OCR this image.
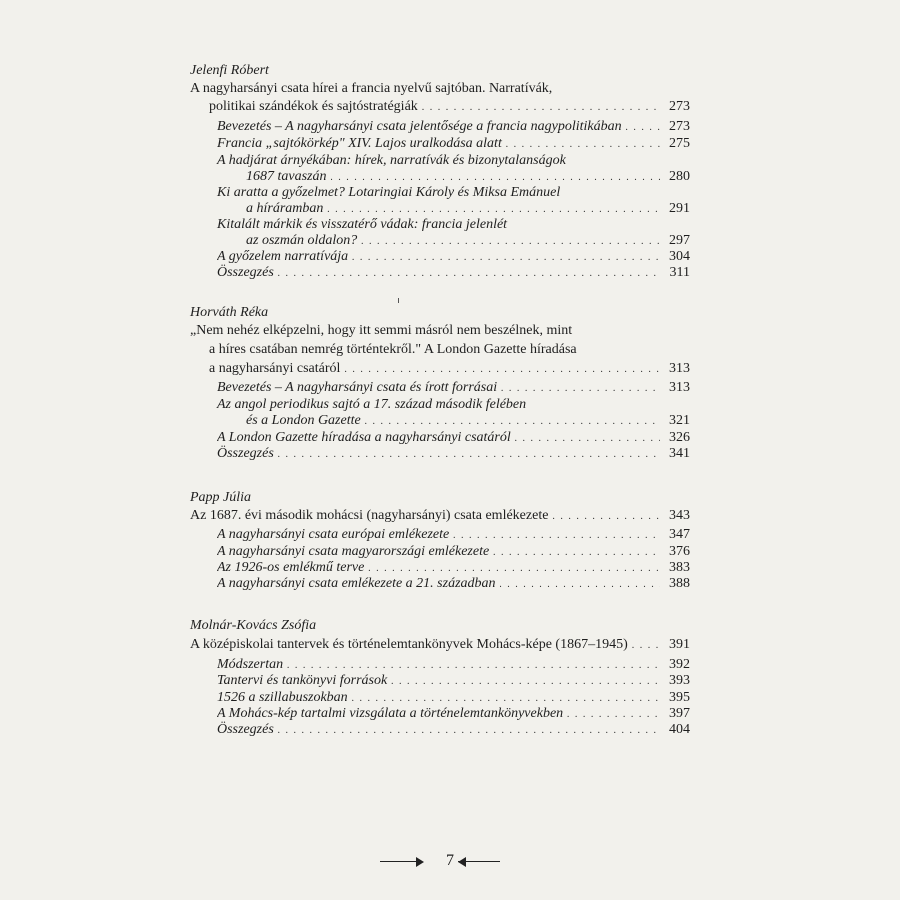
Jelenfi Róbert
A nagyharsányi csata hírei a francia nyelvű sajtóban. Narratívák,
politikai szándékok és sajtóstratégiák . . .	273
Bevezetés – A nagyharsányi csata jelentősége a francia nagypolitikában . . .	273
Francia „sajtókörkép" XIV. Lajos uralkodása alatt . . .	275
A hadjárat árnyékában: hírek, narratívák és bizonytalanságok
1687 tavaszán . . .	280
Ki aratta a győzelmet? Lotaringiai Károly és Miksa Emánuel
a híráramban . . .	291
Kitalált márkik és visszatérő vádak: francia jelenlét
az oszmán oldalon? . . .	297
A győzelem narratívája . . .	304
Összegzés . . .	311
Horváth Réka
„Nem nehéz elképzelni, hogy itt semmi másról nem beszélnek, mint
a híres csatában nemrég történtekről." A London Gazette híradása
a nagyharsányi csatáról . . .	313
Bevezetés – A nagyharsányi csata és írott forrásai . . .	313
Az angol periodikus sajtó a 17. század második felében
és a London Gazette . . .	321
A London Gazette híradása a nagyharsányi csatáról . . .	326
Összegzés . . .	341
Papp Júlia
Az 1687. évi második mohácsi (nagyharsányi) csata emlékezete . . .	343
A nagyharsányi csata európai emlékezete . . .	347
A nagyharsányi csata magyarországi emlékezete . . .	376
Az 1926-os emlékmű terve . . .	383
A nagyharsányi csata emlékezete a 21. században . . .	388
Molnár-Kovács Zsófia
A középiskolai tantervek és történelemtankönyvek Mohács-képe (1867–1945) . . .	391
Módszertan . . .	392
Tantervi és tankönyvi források . . .	393
1526 a szillabuszokban . . .	395
A Mohács-kép tartalmi vizsgálata a történelemtankönyvekben . . .	397
Összegzés . . .	404
7
